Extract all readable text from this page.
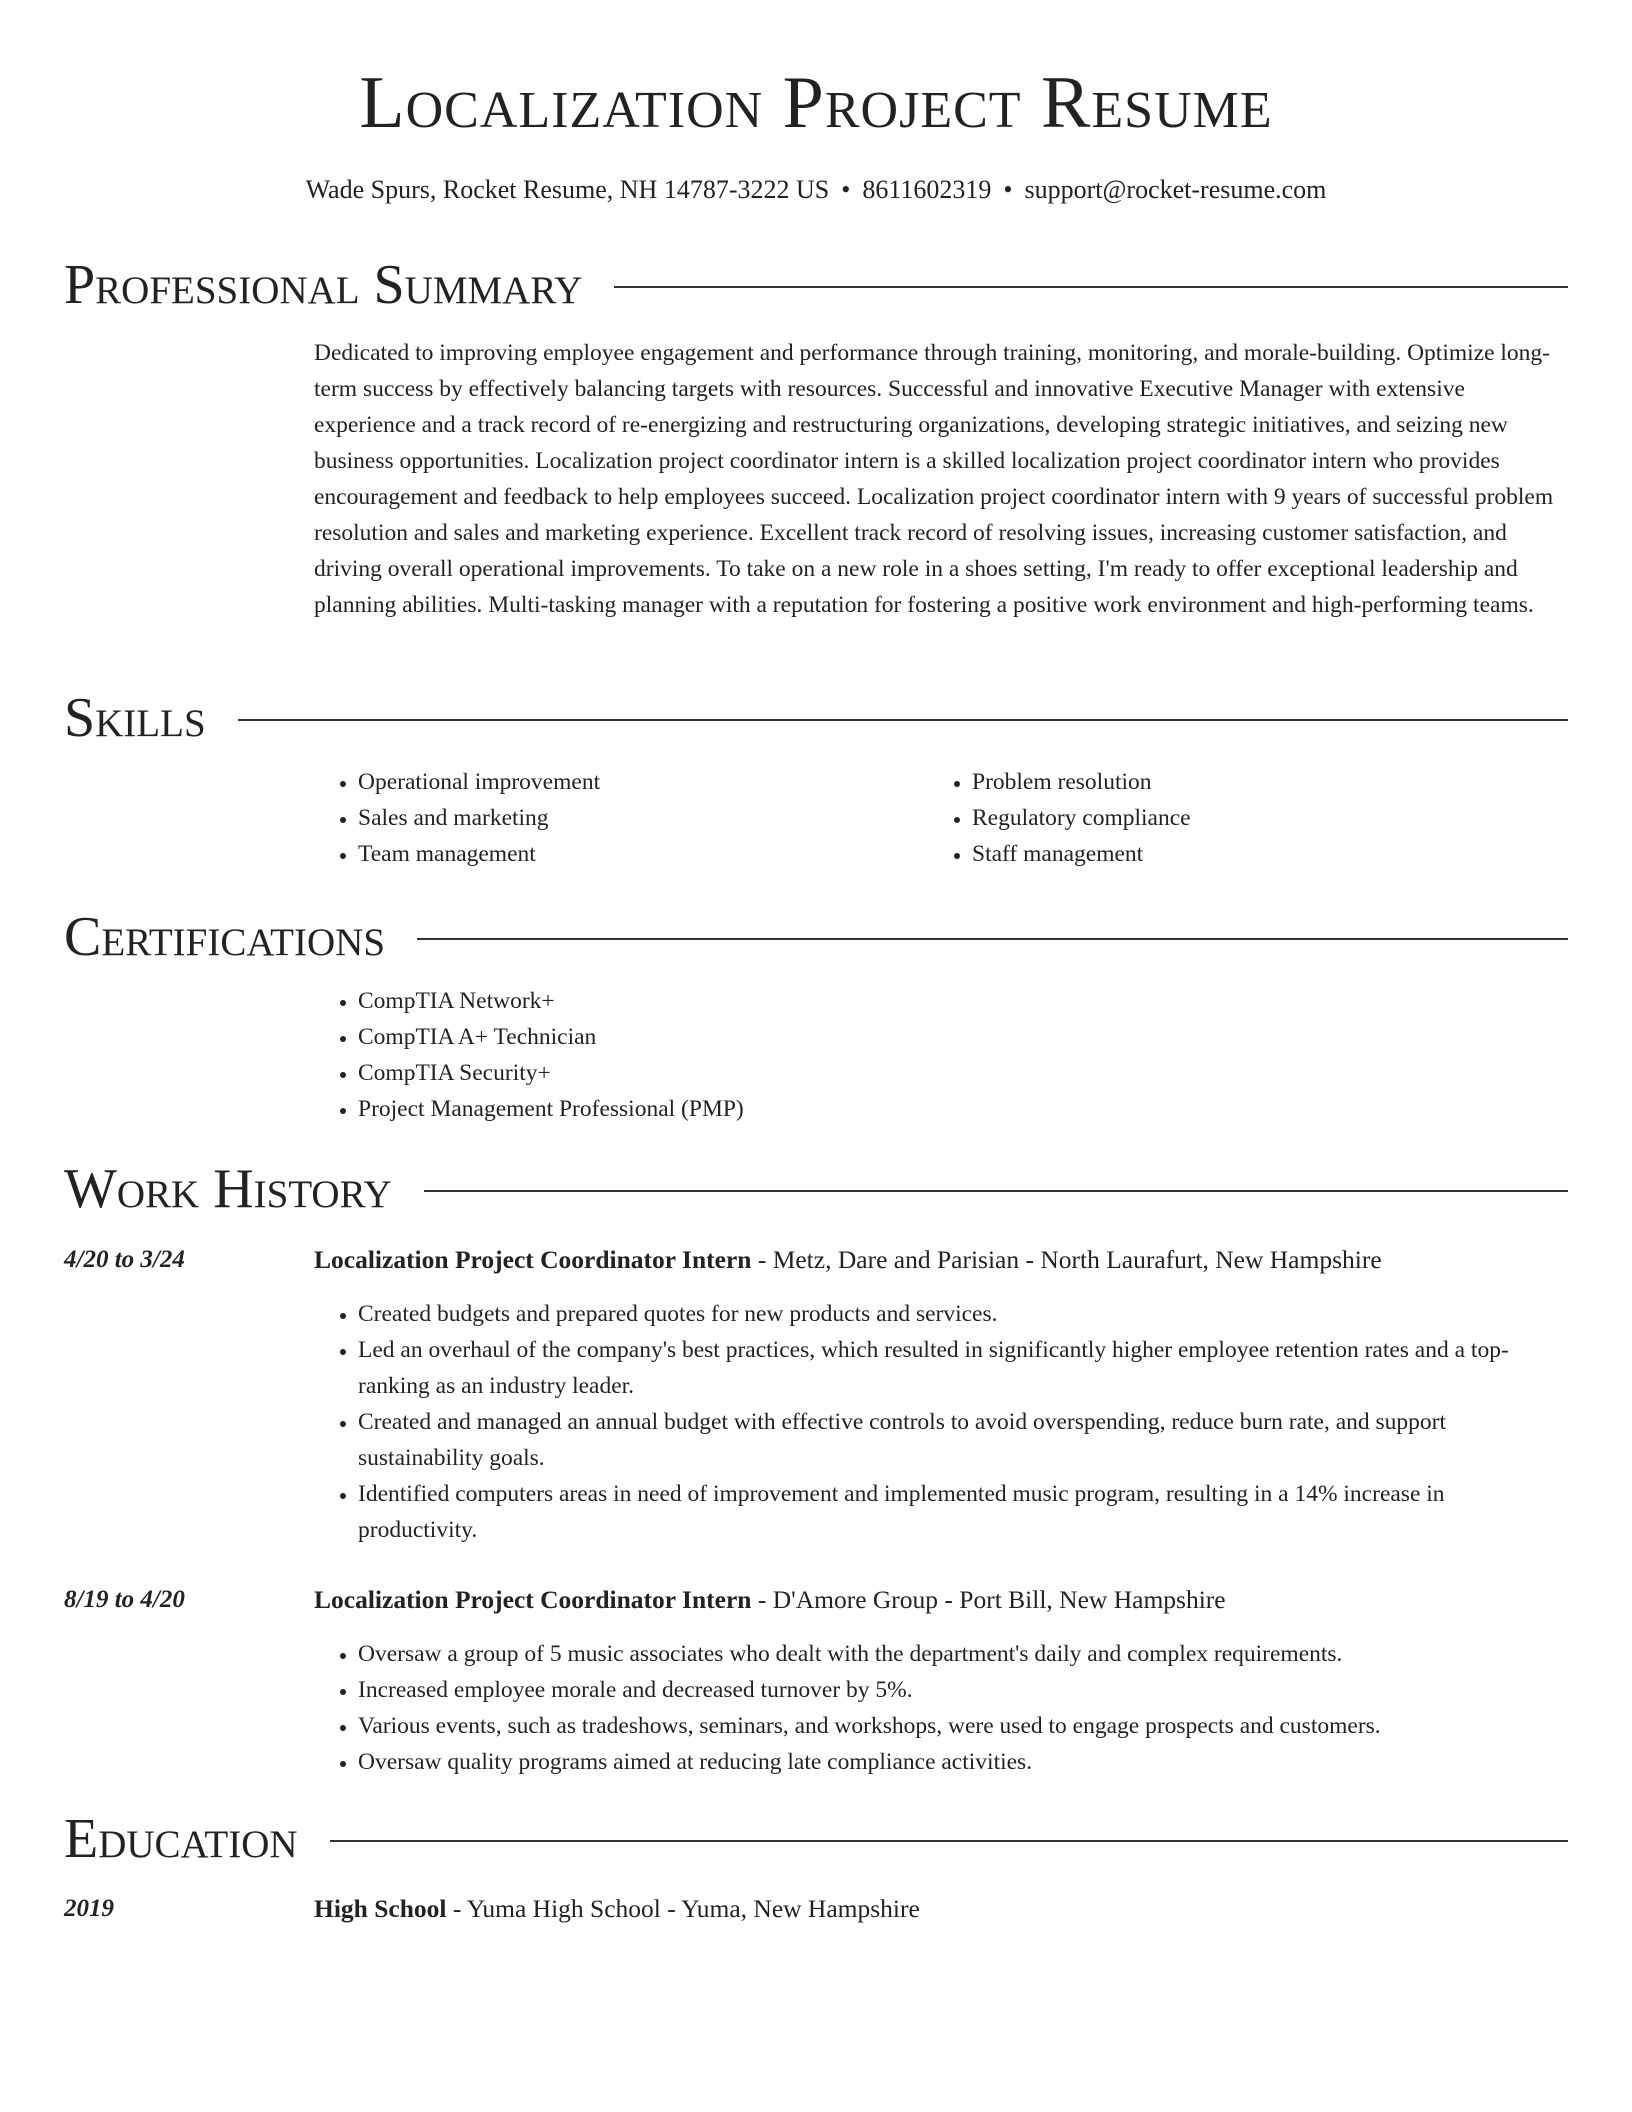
Localization Project Resume
Wade Spurs, Rocket Resume, NH 14787-3222 US • 8611602319 • support@rocket-resume.com
Professional Summary

Dedicated to improving employee engagement and performance through training, monitoring, and morale-building. Optimize long-term success by effectively balancing targets with resources. Successful and innovative Executive Manager with extensive experience and a track record of re-energizing and restructuring organizations, developing strategic initiatives, and seizing new business opportunities. Localization project coordinator intern is a skilled localization project coordinator intern who provides encouragement and feedback to help employees succeed. Localization project coordinator intern with 9 years of successful problem resolution and sales and marketing experience. Excellent track record of resolving issues, increasing customer satisfaction, and driving overall operational improvements. To take on a new role in a shoes setting, I'm ready to offer exceptional leadership and planning abilities. Multi-tasking manager with a reputation for fostering a positive work environment and high-performing teams.

Skills
• Operational improvement
• Sales and marketing
• Team management
• Problem resolution
• Regulatory compliance
• Staff management
Certifications
• CompTIA Network+
• CompTIA A+ Technician
• CompTIA Security+
• Project Management Professional (PMP)
Work History
4/20 to 3/24	Localization Project Coordinator Intern - Metz, Dare and Parisian - North Laurafurt, New Hampshire
• Created budgets and prepared quotes for new products and services.
• Led an overhaul of the company's best practices, which resulted in significantly higher employee retention rates and a top-ranking as an industry leader.
• Created and managed an annual budget with effective controls to avoid overspending, reduce burn rate, and support sustainability goals.
• Identified computers areas in need of improvement and implemented music program, resulting in a 14% increase in productivity.
8/19 to 4/20	Localization Project Coordinator Intern - D'Amore Group - Port Bill, New Hampshire
• Oversaw a group of 5 music associates who dealt with the department's daily and complex requirements.
• Increased employee morale and decreased turnover by 5%.
• Various events, such as tradeshows, seminars, and workshops, were used to engage prospects and customers.
• Oversaw quality programs aimed at reducing late compliance activities.
Education
2019	High School - Yuma High School - Yuma, New Hampshire
